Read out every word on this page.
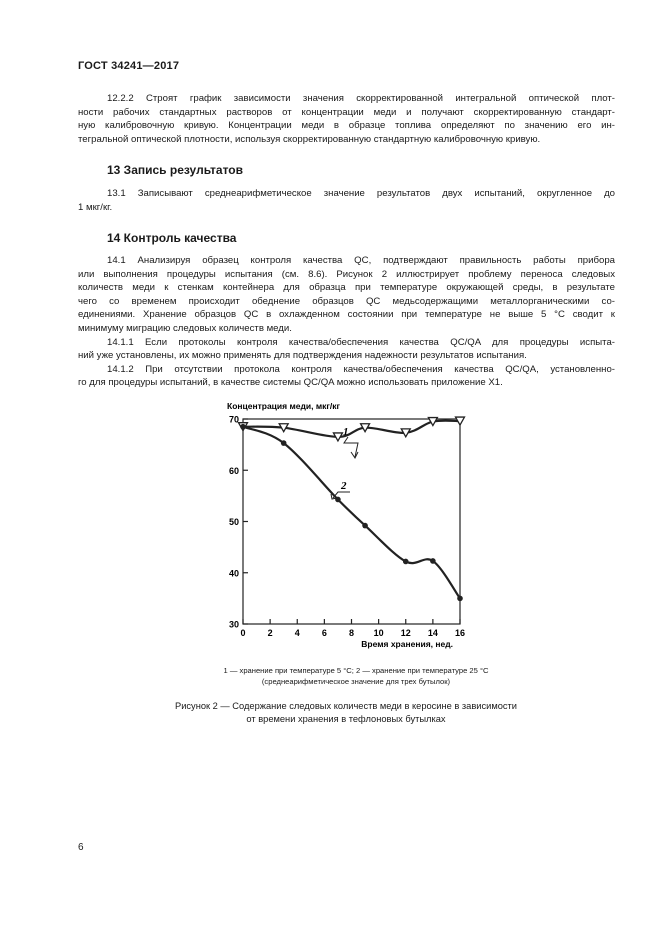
ГОСТ 34241—2017
12.2.2 Строят график зависимости значения скорректированной интегральной оптической плот-
ности рабочих стандартных растворов от концентрации меди и получают скорректированную стандарт-
ную калибровочную кривую. Концентрации меди в образце топлива определяют по значению его ин-
тегральной оптической плотности, используя скорректированную стандартную калибровочную кривую.
13 Запись результатов
13.1 Записывают среднеарифметическое значение результатов двух испытаний, округленное до
1 мкг/кг.
14 Контроль качества
14.1 Анализируя образец контроля качества QC, подтверждают правильность работы прибора
или выполнения процедуры испытания (см. 8.6). Рисунок 2 иллюстрирует проблему переноса следовых
количеств меди к стенкам контейнера для образца при температуре окружающей среды, в результате
чего со временем происходит обеднение образцов QC медьсодержащими металлорганическими со-
единениями. Хранение образцов QC в охлажденном состоянии при температуре не выше 5 °С сводит к
минимуму миграцию следовых количеств меди.
14.1.1 Если протоколы контроля качества/обеспечения качества QC/QA для процедуры испыта-
ний уже установлены, их можно применять для подтверждения надежности результатов испытания.
14.1.2 При отсутствии протокола контроля качества/обеспечения качества QC/QA, установленно-
го для процедуры испытаний, в качестве системы QC/QA можно использовать приложение Х1.
Концентрация меди, мкг/кг
30
40
50
60
70
0 2 4 6 8 10 12 14 16
Время хранения, нед.
1
2
1 — хранение при температуре 5 °С; 2 — хранение при температуре 25 °С
(среднеарифметическое значение для трех бутылок)
Рисунок 2 — Содержание следовых количеств меди в керосине в зависимости
от времени хранения в тефлоновых бутылках
6
